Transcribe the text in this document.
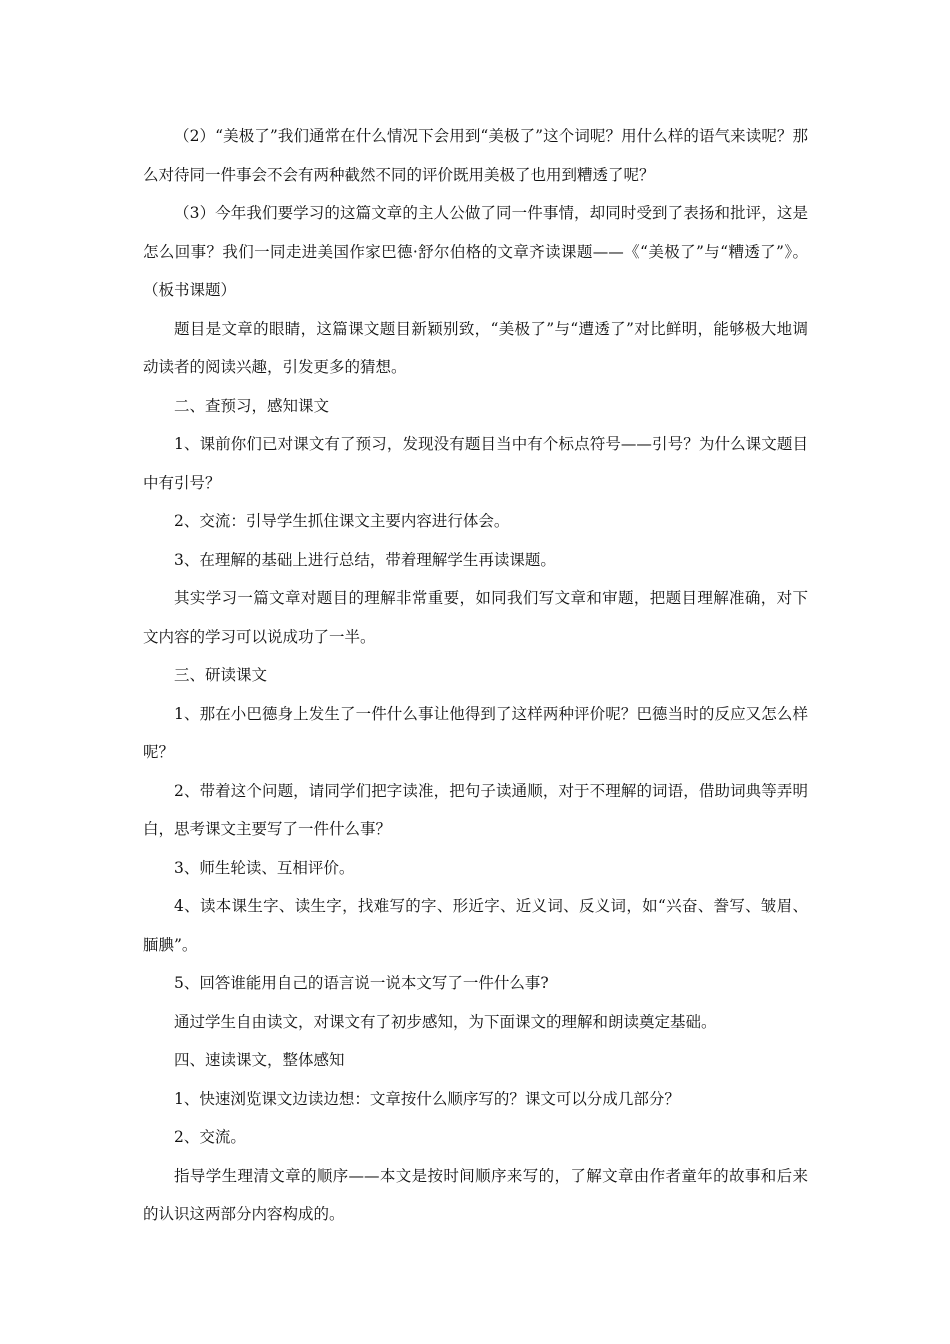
（2）“美极了”我们通常在什么情况下会用到“美极了”这个词呢？用什么样的语气来读呢？那么对待同一件事会不会有两种截然不同的评价既用美极了也用到糟透了呢？

（3）今年我们要学习的这篇文章的主人公做了同一件事情，却同时受到了表扬和批评，这是怎么回事？我们一同走进美国作家巴德·舒尔伯格的文章齐读课题——《“美极了”与“糟透了”》。（板书课题）

题目是文章的眼睛，这篇课文题目新颖别致，“美极了”与“遭透了”对比鲜明，能够极大地调动读者的阅读兴趣，引发更多的猜想。

二、查预习，感知课文

1、课前你们已对课文有了预习，发现没有题目当中有个标点符号——引号？为什么课文题目中有引号？

2、交流：引导学生抓住课文主要内容进行体会。

3、在理解的基础上进行总结，带着理解学生再读课题。

其实学习一篇文章对题目的理解非常重要，如同我们写文章和审题，把题目理解准确，对下文内容的学习可以说成功了一半。

三、研读课文

1、那在小巴德身上发生了一件什么事让他得到了这样两种评价呢？巴德当时的反应又怎么样呢？

2、带着这个问题，请同学们把字读准，把句子读通顺，对于不理解的词语，借助词典等弄明白，思考课文主要写了一件什么事？

3、师生轮读、互相评价。

4、读本课生字、读生字，找难写的字、形近字、近义词、反义词，如“兴奋、誊写、皱眉、腼腆”。

5、回答谁能用自己的语言说一说本文写了一件什么事?

通过学生自由读文，对课文有了初步感知，为下面课文的理解和朗读奠定基础。

四、速读课文，整体感知

1、快速浏览课文边读边想：文章按什么顺序写的？课文可以分成几部分？

2、交流。

指导学生理清文章的顺序——本文是按时间顺序来写的，了解文章由作者童年的故事和后来的认识这两部分内容构成的。
